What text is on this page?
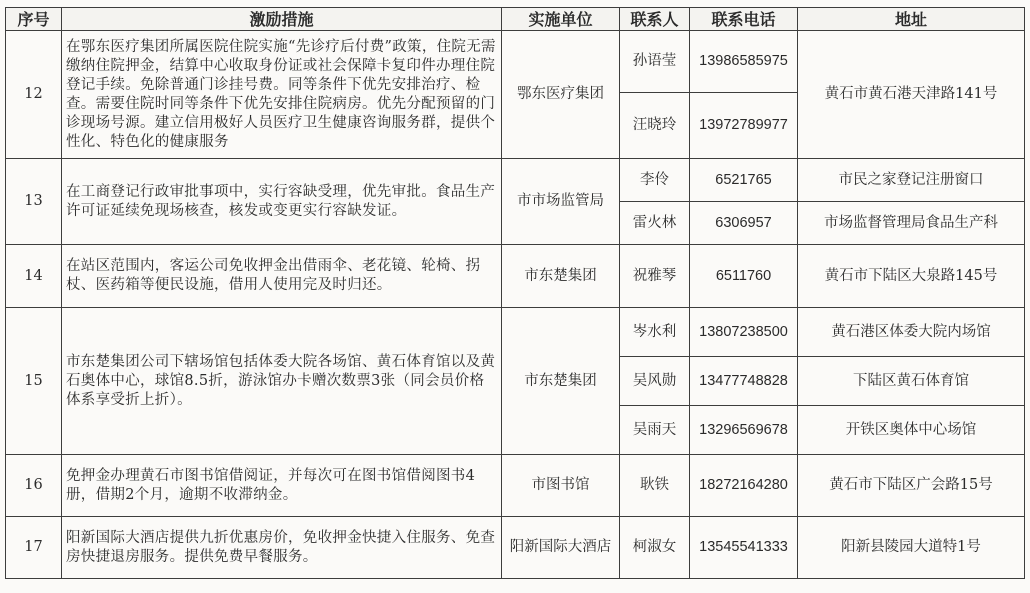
序号	激励措施	实施单位	联系人	联系电话	地址
12	在鄂东医疗集团所属医院住院实施“先诊疗后付费”政策，住院无需缴纳住院押金，结算中心收取身份证或社会保障卡复印件办理住院登记手续。免除普通门诊挂号费。同等条件下优先安排治疗、检查。需要住院时同等条件下优先安排住院病房。优先分配预留的门诊现场号源。建立信用极好人员医疗卫生健康咨询服务群，提供个性化、特色化的健康服务	鄂东医疗集团	孙语莹	13986585975	黄石市黄石港天津路141号
			汪晓玲	13972789977	
13	在工商登记行政审批事项中，实行容缺受理，优先审批。食品生产许可证延续免现场核查，核发或变更实行容缺发证。	市市场监管局	李伶	6521765	市民之家登记注册窗口
			雷火林	6306957	市场监督管理局食品生产科
14	在站区范围内，客运公司免收押金出借雨伞、老花镜、轮椅、拐杖、医药箱等便民设施，借用人使用完及时归还。	市东楚集团	祝雅琴	6511760	黄石市下陆区大泉路145号
15	市东楚集团公司下辖场馆包括体委大院各场馆、黄石体育馆以及黄石奥体中心，球馆8.5折，游泳馆办卡赠次数票3张（同会员价格体系享受折上折）。	市东楚集团	岑水利	13807238500	黄石港区体委大院内场馆
			吴风勋	13477748828	下陆区黄石体育馆
			吴雨天	13296569678	开铁区奥体中心场馆
16	免押金办理黄石市图书馆借阅证，并每次可在图书馆借阅图书4册，借期2个月，逾期不收滞纳金。	市图书馆	耿铁	18272164280	黄石市下陆区广会路15号
17	阳新国际大酒店提供九折优惠房价，免收押金快捷入住服务、免查房快捷退房服务。提供免费早餐服务。	阳新国际大酒店	柯淑女	13545541333	阳新县陵园大道特1号
